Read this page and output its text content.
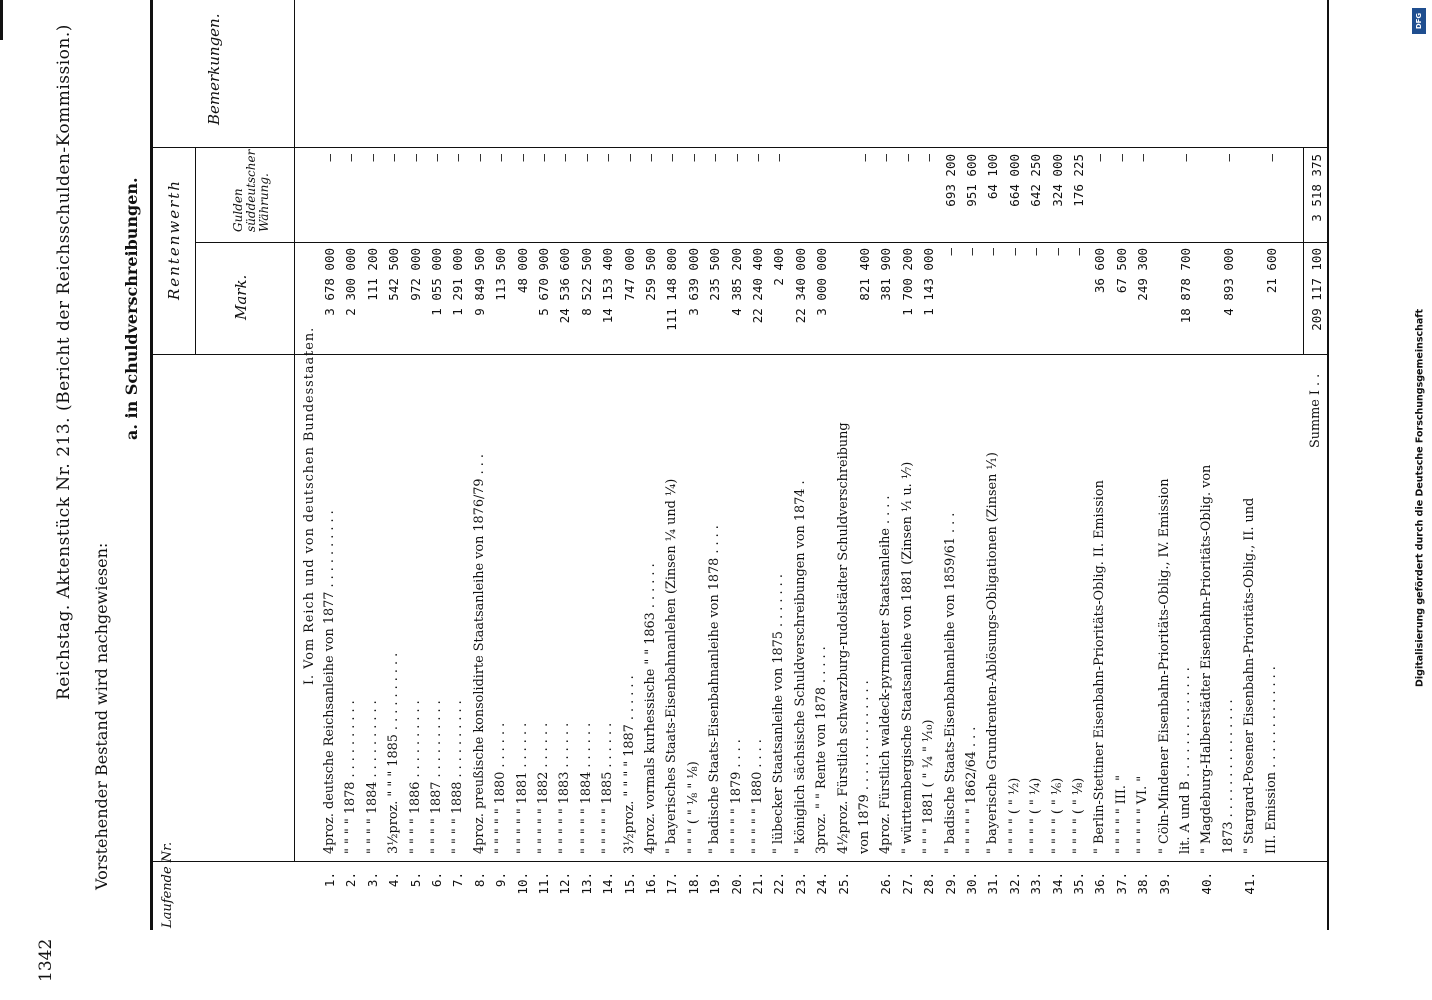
1342
Reichstag. Aktenstück Nr. 213. (Bericht der Reichsschulden-Kommission.)
Vorstehender Bestand wird nachgewiesen:
a. in Schuldverschreibungen.
Laufende Nr.
Rentenwerth	Mark.
Gulden süddeutscher Währung.
Bemerkungen.
I. Vom Reich und von deutschen Bundesstaaten.
1.
4proz. deutsche Reichsanleihe von 1877 . . . . . . . . . .
3 678 000
—
2.
" " " " 1878 . . . . . . . . . .
2 300 000
—
3.
" " " " 1884 . . . . . . . . . .
111 200
—
4.
3½proz. " " " 1885 . . . . . . . . . .
542 500
—
5.
" " " " 1886 . . . . . . . . . .
972 000
—
6.
" " " " 1887 . . . . . . . . . .
1 055 000
—
7.
" " " " 1888 . . . . . . . . . .
1 291 000
—
8.
4proz. preußische konsolidirte Staatsanleihe von 1876/79 . . .
9 849 500
—
9.
" " " " " 1880 . . . . . .
113 500
—
10.
" " " " " 1881 . . . . . .
48 000
—
11.
" " " " " 1882 . . . . . .
5 670 900
—
12.
" " " " " 1883 . . . . . .
24 536 600
—
13.
" " " " " 1884 . . . . . .
8 522 500
—
14.
" " " " " 1885 . . . . . .
14 153 400
—
15.
3½proz. " " " " 1887 . . . . . .
747 000
—
16.
4proz. vormals kurhessische " " 1863 . . . . . .
259 500
—
17.
" bayerisches Staats-Eisenbahnanlehen (Zinsen ¼ und ¼)
111 148 800
—
18.
" " " ( " ⅛ " ⅛)
3 639 000
—
19.
" badische Staats-Eisenbahnanleihe von 1878 . . . .
235 500
—
20.
" " " " " 1879 . . . .
4 385 200
—
21.
" " " " " 1880 . . . .
22 240 400
—
22.
" lübecker Staatsanleihe von 1875 . . . . . . .
2 400
—
23.
" königlich sächsische Schuldverschreibungen von 1874 .
22 340 000
24.
3proz. " " Rente von 1878 . . . . .
3 000 000
25.
4½proz. Fürstlich schwarzburg-rudolstädter Schuldverschreibung von 1879 . . . . . . . . . . . . . .
821 400
—
26.
4proz. Fürstlich waldeck-pyrmonter Staatsanleihe . . . .
381 900
—
27.
" württembergische Staatsanleihe von 1881 (Zinsen ¹⁄₁ u. ¹⁄₇)
1 700 200
—
28.
" " " 1881 ( " ¼ " ⅒)
1 143 000
—
29.
" badische Staats-Eisenbahnanleihe von 1859/61 . . .
—
693 200
30.
" " " " " 1862/64 . . .
—
951 600
31.
" bayerische Grundrenten-Ablösungs-Obligationen (Zinsen ¹⁄₁)
—
64 100
32.
" " " " ( " ½)
—
664 000
33.
" " " " ( " ¼)
—
642 250
34.
" " " " ( " ⅙)
—
324 000
35.
" " " " ( " ⅛)
—
176 225
36.
" Berlin-Stettiner Eisenbahn-Prioritäts-Oblig. II. Emission
36 600
—
37.
" " " " " III. "
67 500
—
38.
" " " " " VI. "
249 300
—
39.
" Cöln-Mindener Eisenbahn-Prioritäts-Oblig., IV. Emission lit. A und B . . . . . . . . . . . . . .
18 878 700
—
40.
" Magdeburg-Halberstädter Eisenbahn-Prioritäts-Oblig. von 1873 . . . . . . . . . . . . . . .
4 893 000
—
41.
" Stargard-Posener Eisenbahn-Prioritäts-Oblig., II. und III. Emission . . . . . . . . . . . . .
21 600
—
Summe I . .
209 117 100
3 518 375
Digitalisierung gefördert durch die Deutsche Forschungsgemeinschaft
DFG
